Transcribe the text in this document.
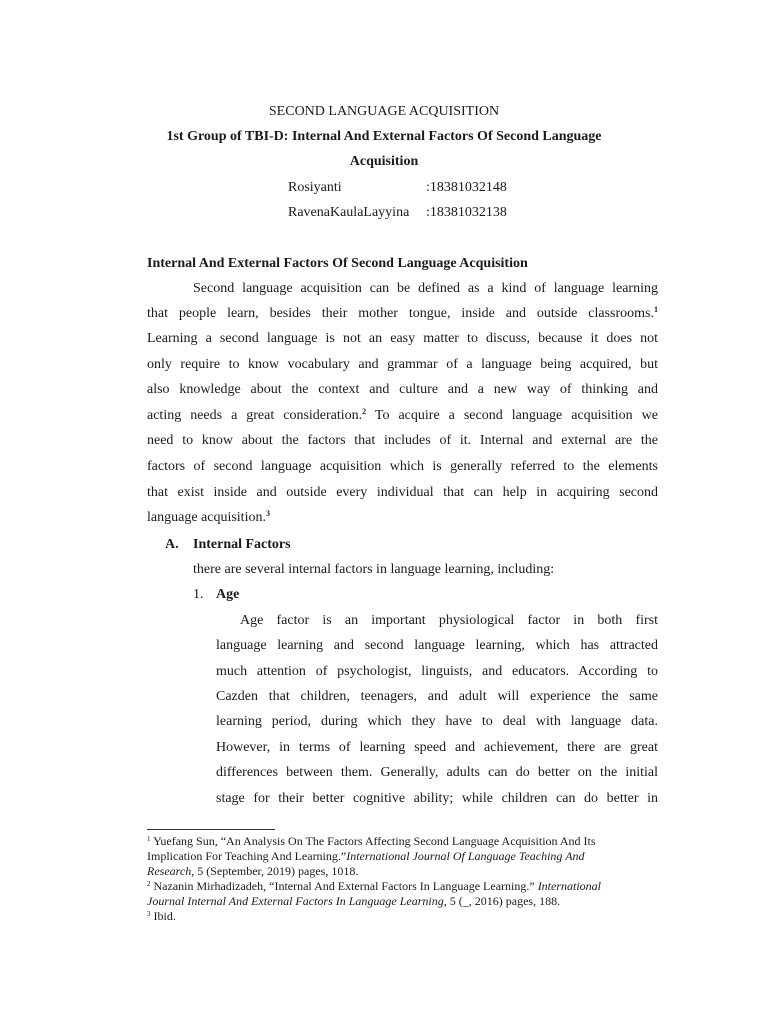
SECOND LANGUAGE ACQUISITION
1st Group of TBI-D: Internal And External Factors Of Second Language
Acquisition
Rosiyanti	:18381032148
RavenaKaulaLayyina :18381032138
Internal And External Factors Of Second Language Acquisition
Second language acquisition can be defined as a kind of language learning
that people learn, besides their mother tongue, inside and outside classrooms.$^1$
Learning a second language is not an easy matter to discuss, because it does not
only require to know vocabulary and grammar of a language being acquired, but
also knowledge about the context and culture and a new way of thinking and
acting needs a great consideration.$^2$ To acquire a second language acquisition we
need to know about the factors that includes of it. Internal and external are the
factors of second language acquisition which is generally referred to the elements
that exist inside and outside every individual that can help in acquiring second
language acquisition.$^3$
A. Internal Factors
there are several internal factors in language learning, including:
1. Age
Age factor is an important physiological factor in both first
language learning and second language learning, which has attracted
much attention of psychologist, linguists, and educators. According to
Cazden that children, teenagers, and adult will experience the same
learning period, during which they have to deal with language data.
However, in terms of learning speed and achievement, there are great
differences between them. Generally, adults can do better on the initial
stage for their better cognitive ability; while children can do better in
$^1$ Yuefang Sun, “An Analysis On The Factors Affecting Second Language Acquisition And Its
Implication For Teaching And Learning.”International Journal Of Language Teaching And
Research, 5 (September, 2019) pages, 1018.
$^2$ Nazanin Mirhadizadeh, “Internal And External Factors In Language Learning.” International
Journal Internal And External Factors In Language Learning, 5 (_, 2016) pages, 188.
$^3$ Ibid.
